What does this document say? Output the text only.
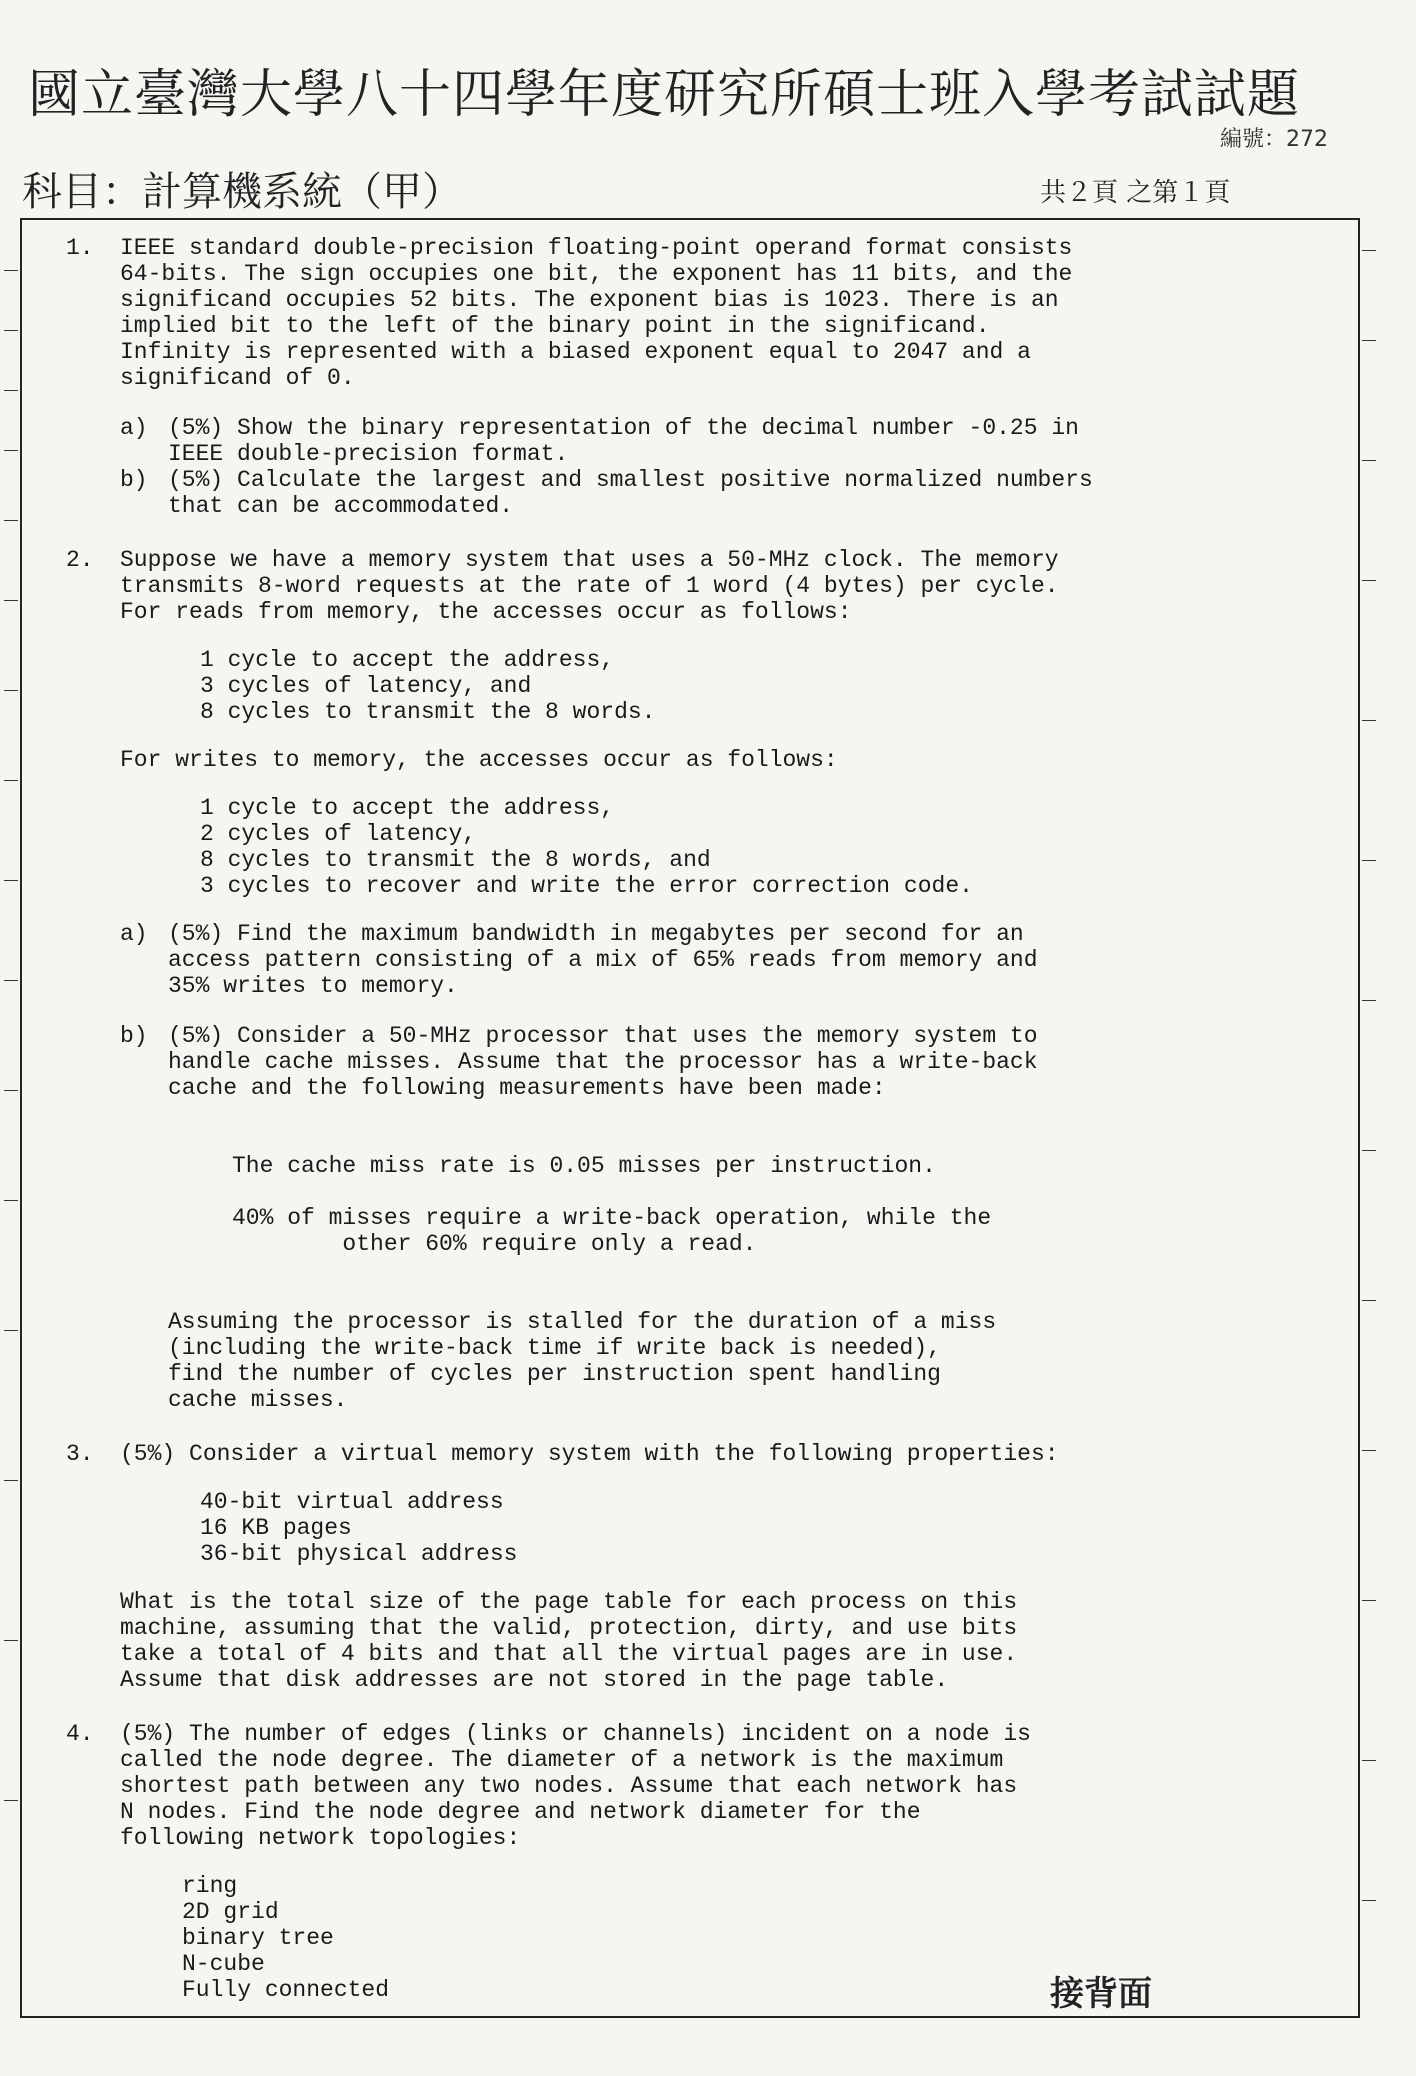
國立臺灣大學八十四學年度研究所碩士班入學考試試題
編號：272
科目：計算機系統（甲）	共２頁 之第１頁
1. IEEE standard double-precision floating-point operand format consists
64-bits. The sign occupies one bit, the exponent has 11 bits, and the
significand occupies 52 bits. The exponent bias is 1023. There is an
implied bit to the left of the binary point in the significand.
Infinity is represented with a biased exponent equal to 2047 and a
significand of 0.
a) (5%) Show the binary representation of the decimal number -0.25 in
IEEE double-precision format.
b) (5%) Calculate the largest and smallest positive normalized numbers
that can be accommodated.
2. Suppose we have a memory system that uses a 50-MHz clock. The memory
transmits 8-word requests at the rate of 1 word (4 bytes) per cycle.
For reads from memory, the accesses occur as follows:
1 cycle to accept the address,
3 cycles of latency, and
8 cycles to transmit the 8 words.
For writes to memory, the accesses occur as follows:
1 cycle to accept the address,
2 cycles of latency,
8 cycles to transmit the 8 words, and
3 cycles to recover and write the error correction code.
a) (5%) Find the maximum bandwidth in megabytes per second for an
access pattern consisting of a mix of 65% reads from memory and
35% writes to memory.
b) (5%) Consider a 50-MHz processor that uses the memory system to
handle cache misses. Assume that the processor has a write-back
cache and the following measurements have been made:

The cache miss rate is 0.05 misses per instruction.

40% of misses require a write-back operation, while the
other 60% require only a read.

Assuming the processor is stalled for the duration of a miss
(including the write-back time if write back is needed),
find the number of cycles per instruction spent handling
cache misses.
3. (5%) Consider a virtual memory system with the following properties:
40-bit virtual address
16 KB pages
36-bit physical address
What is the total size of the page table for each process on this
machine, assuming that the valid, protection, dirty, and use bits
take a total of 4 bits and that all the virtual pages are in use.
Assume that disk addresses are not stored in the page table.
4. (5%) The number of edges (links or channels) incident on a node is
called the node degree. The diameter of a network is the maximum
shortest path between any two nodes. Assume that each network has
N nodes. Find the node degree and network diameter for the
following network topologies:
ring
2D grid
binary tree
N-cube
Fully connected	接背面
